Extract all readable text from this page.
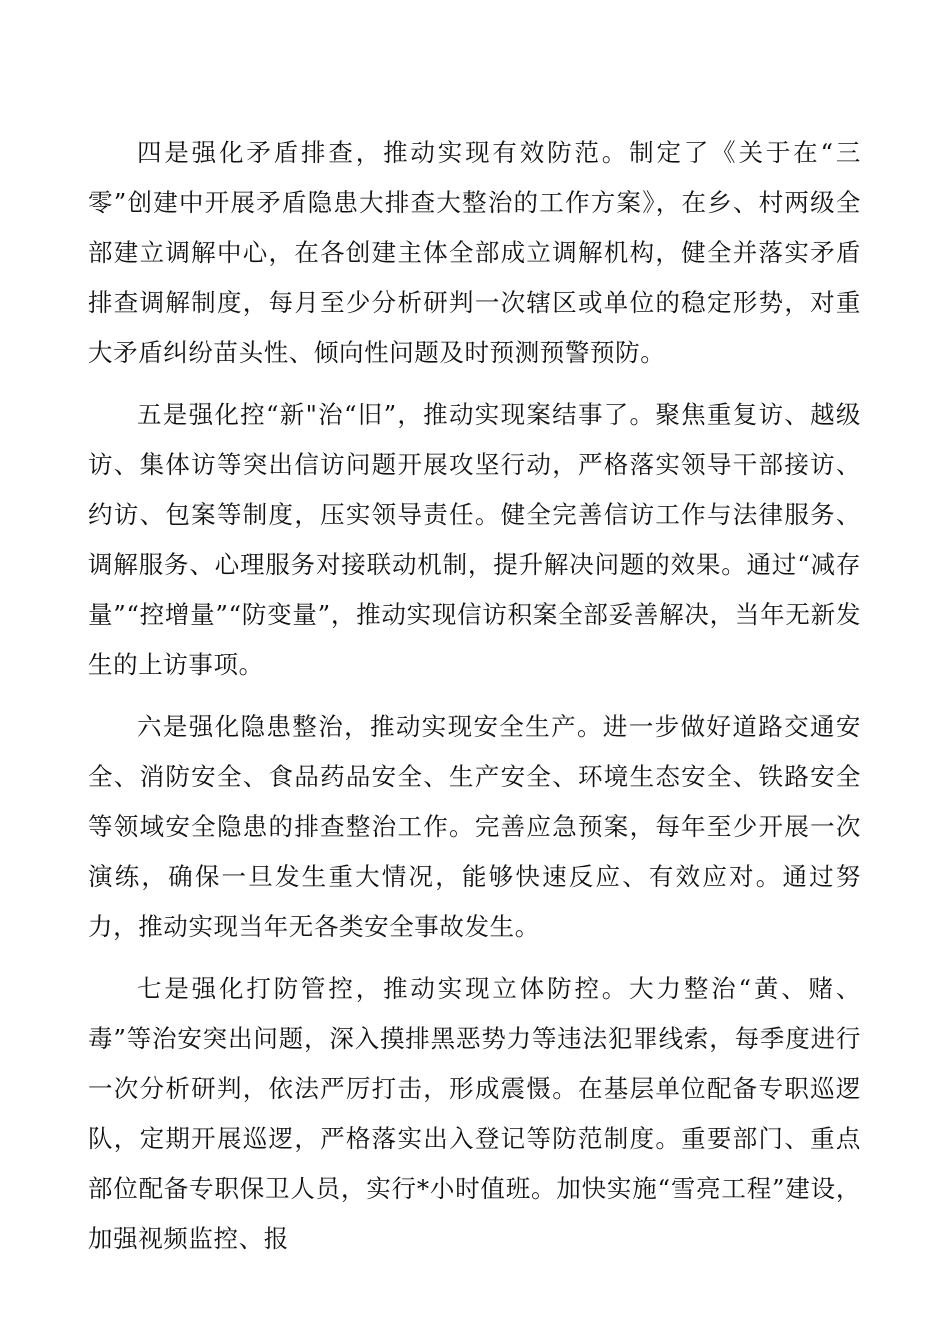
四是强化矛盾排查，推动实现有效防范。制定了《关于在“三零”创建中开展矛盾隐患大排查大整治的工作方案》，在乡、村两级全部建立调解中心，在各创建主体全部成立调解机构，健全并落实矛盾排查调解制度，每月至少分析研判一次辖区或单位的稳定形势，对重大矛盾纠纷苗头性、倾向性问题及时预测预警预防。

五是强化控“新"治“旧”，推动实现案结事了。聚焦重复访、越级访、集体访等突出信访问题开展攻坚行动，严格落实领导干部接访、约访、包案等制度，压实领导责任。健全完善信访工作与法律服务、调解服务、心理服务对接联动机制，提升解决问题的效果。通过“减存量”“控增量”“防变量”，推动实现信访积案全部妥善解决，当年无新发生的上访事项。

六是强化隐患整治，推动实现安全生产。进一步做好道路交通安全、消防安全、食品药品安全、生产安全、环境生态安全、铁路安全等领域安全隐患的排查整治工作。完善应急预案，每年至少开展一次演练，确保一旦发生重大情况，能够快速反应、有效应对。通过努力，推动实现当年无各类安全事故发生。

七是强化打防管控，推动实现立体防控。大力整治“黄、赌、毒”等治安突出问题，深入摸排黑恶势力等违法犯罪线索，每季度进行一次分析研判，依法严厉打击，形成震慑。在基层单位配备专职巡逻队，定期开展巡逻，严格落实出入登记等防范制度。重要部门、重点部位配备专职保卫人员，实行*小时值班。加快实施“雪亮工程”建设，加强视频监控、报
